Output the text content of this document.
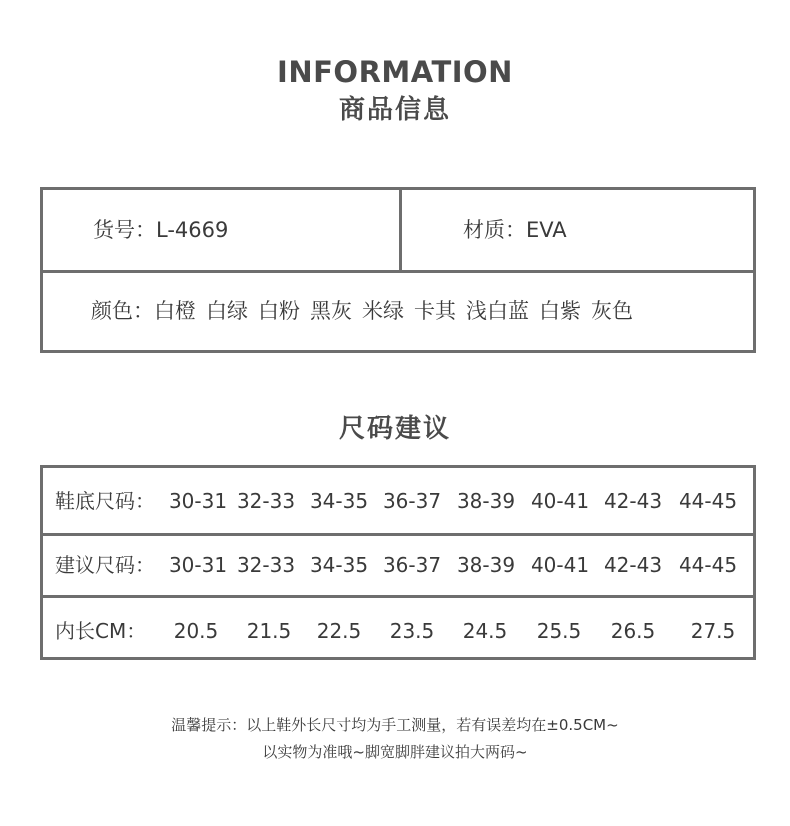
INFORMATION
商品信息
货号：L-4669	材质：EVA
颜色：白橙 白绿 白粉 黑灰 米绿 卡其 浅白蓝 白紫 灰色
尺码建议
鞋底尺码： 30-31 32-33 34-35 36-37 38-39 40-41 42-43 44-45
建议尺码： 30-31 32-33 34-35 36-37 38-39 40-41 42-43 44-45
内长CM：	20.5	21.5	22.5	23.5	24.5	25.5	26.5	27.5
温馨提示：以上鞋外长尺寸均为手工测量，若有误差均在±0.5CM~
以实物为准哦~脚宽脚胖建议拍大两码~
